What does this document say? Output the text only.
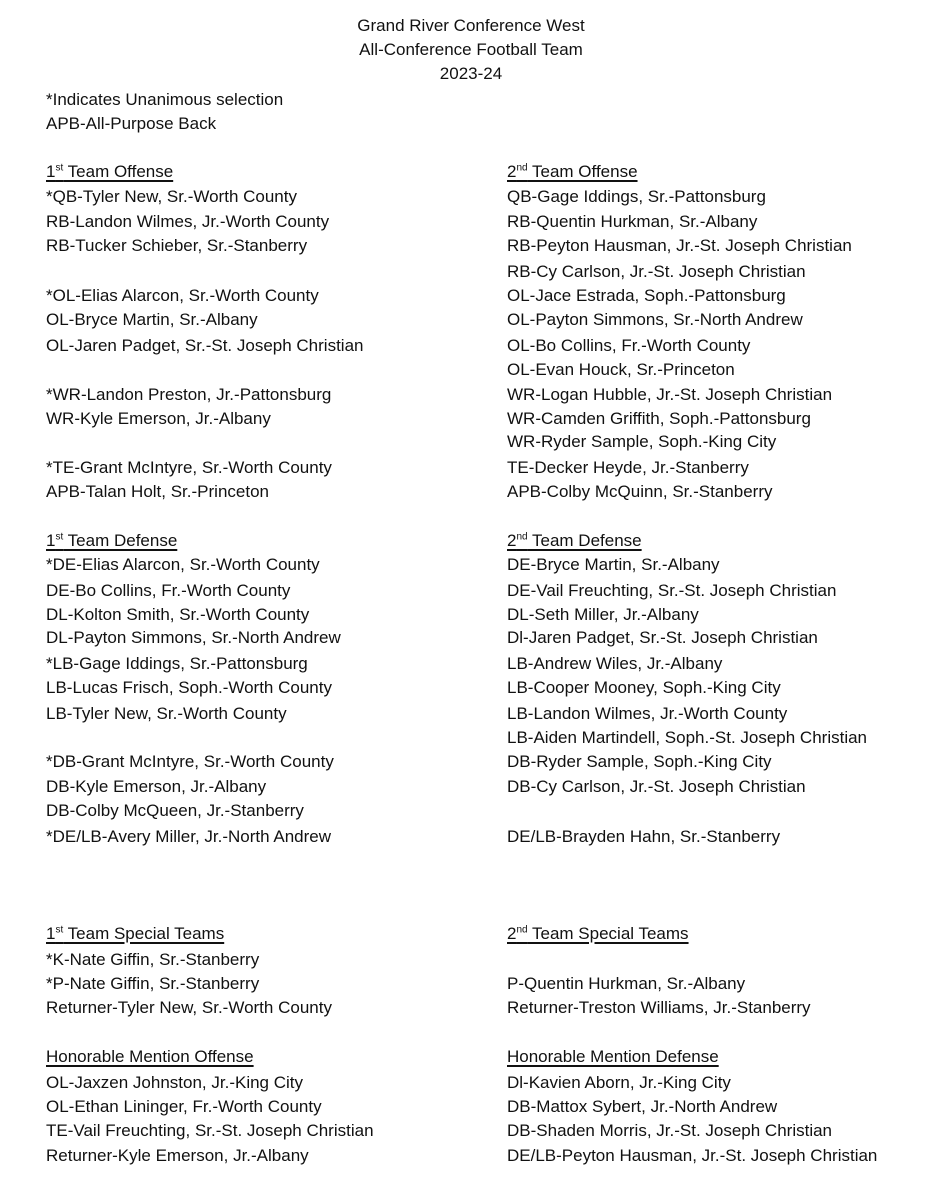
Grand River Conference West
All-Conference Football Team
2023-24
*Indicates Unanimous selection
APB-All-Purpose Back
1st Team Offense
*QB-Tyler New, Sr.-Worth County
RB-Landon Wilmes, Jr.-Worth County
RB-Tucker Schieber, Sr.-Stanberry
*OL-Elias Alarcon, Sr.-Worth County
OL-Bryce Martin, Sr.-Albany
OL-Jaren Padget, Sr.-St. Joseph Christian
*WR-Landon Preston, Jr.-Pattonsburg
WR-Kyle Emerson, Jr.-Albany
*TE-Grant McIntyre, Sr.-Worth County
APB-Talan Holt, Sr.-Princeton
1st Team Defense
*DE-Elias Alarcon, Sr.-Worth County
DE-Bo Collins, Fr.-Worth County
DL-Kolton Smith, Sr.-Worth County
DL-Payton Simmons, Sr.-North Andrew
*LB-Gage Iddings, Sr.-Pattonsburg
LB-Lucas Frisch, Soph.-Worth County
LB-Tyler New, Sr.-Worth County
*DB-Grant McIntyre, Sr.-Worth County
DB-Kyle Emerson, Jr.-Albany
DB-Colby McQueen, Jr.-Stanberry
*DE/LB-Avery Miller, Jr.-North Andrew
1st Team Special Teams
*K-Nate Giffin, Sr.-Stanberry
*P-Nate Giffin, Sr.-Stanberry
Returner-Tyler New, Sr.-Worth County
Honorable Mention Offense
OL-Jaxzen Johnston, Jr.-King City
OL-Ethan Lininger, Fr.-Worth County
TE-Vail Freuchting, Sr.-St. Joseph Christian
Returner-Kyle Emerson, Jr.-Albany
2nd Team Offense
QB-Gage Iddings, Sr.-Pattonsburg
RB-Quentin Hurkman, Sr.-Albany
RB-Peyton Hausman, Jr.-St. Joseph Christian
RB-Cy Carlson, Jr.-St. Joseph Christian
OL-Jace Estrada, Soph.-Pattonsburg
OL-Payton Simmons, Sr.-North Andrew
OL-Bo Collins, Fr.-Worth County
OL-Evan Houck, Sr.-Princeton
WR-Logan Hubble, Jr.-St. Joseph Christian
WR-Camden Griffith, Soph.-Pattonsburg
WR-Ryder Sample, Soph.-King City
TE-Decker Heyde, Jr.-Stanberry
APB-Colby McQuinn, Sr.-Stanberry
2nd Team Defense
DE-Bryce Martin, Sr.-Albany
DE-Vail Freuchting, Sr.-St. Joseph Christian
DL-Seth Miller, Jr.-Albany
Dl-Jaren Padget, Sr.-St. Joseph Christian
LB-Andrew Wiles, Jr.-Albany
LB-Cooper Mooney, Soph.-King City
LB-Landon Wilmes, Jr.-Worth County
LB-Aiden Martindell, Soph.-St. Joseph Christian
DB-Ryder Sample, Soph.-King City
DB-Cy Carlson, Jr.-St. Joseph Christian
DE/LB-Brayden Hahn, Sr.-Stanberry
2nd Team Special Teams
P-Quentin Hurkman, Sr.-Albany
Returner-Treston Williams, Jr.-Stanberry
Honorable Mention Defense
Dl-Kavien Aborn, Jr.-King City
DB-Mattox Sybert, Jr.-North Andrew
DB-Shaden Morris, Jr.-St. Joseph Christian
DE/LB-Peyton Hausman, Jr.-St. Joseph Christian
